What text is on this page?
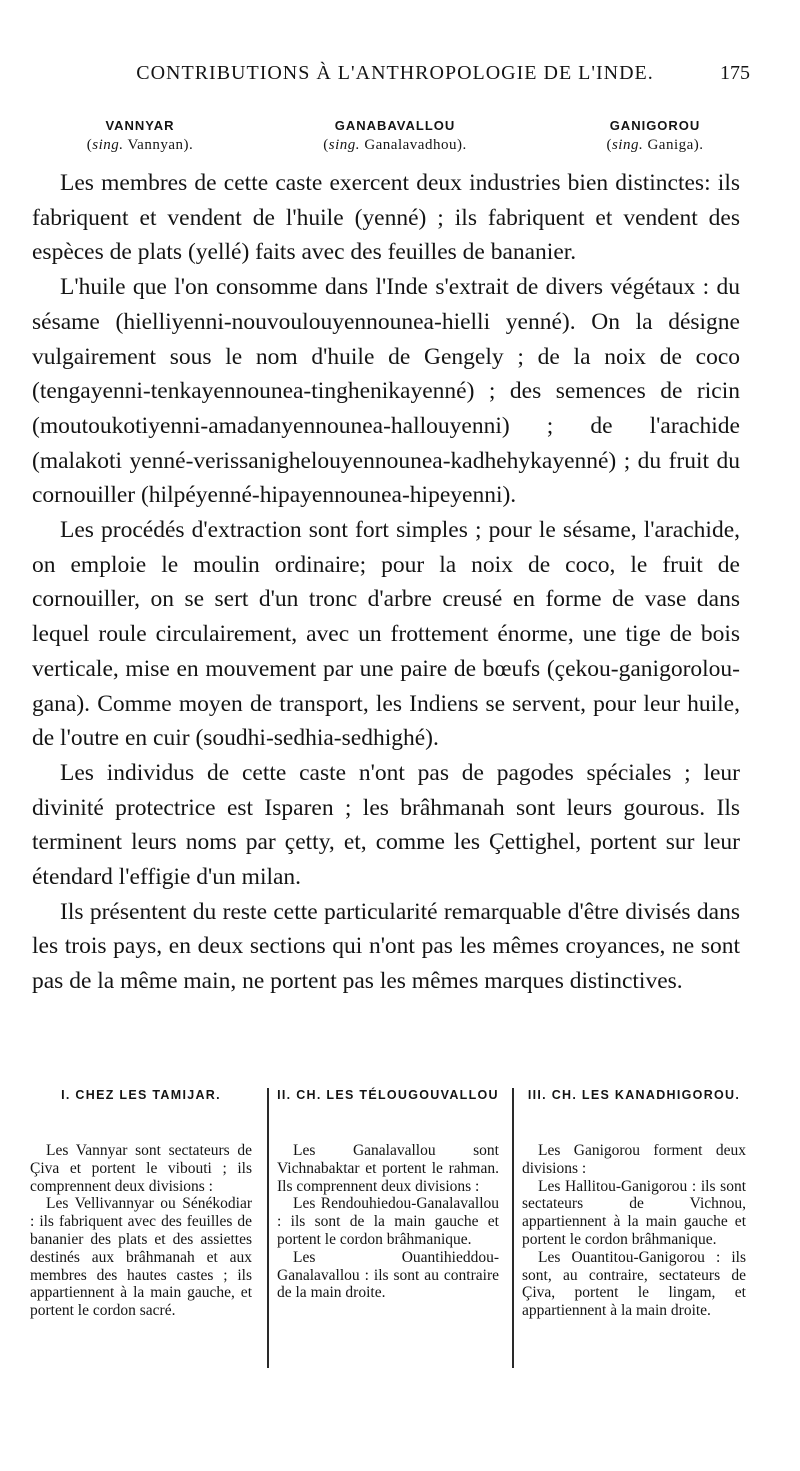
CONTRIBUTIONS À L'ANTHROPOLOGIE DE L'INDE.	175
VANNYAR
(sing. Vannyan).
GANABAVALLOU
(sing. Ganalavadhou).
GANIGOROU
(sing. Ganiga).

Les membres de cette caste exercent deux industries bien distinctes: ils fabriquent et vendent de l'huile (yenné) ; ils fabriquent et vendent des espèces de plats (yellé) faits avec des feuilles de bananier.

L'huile que l'on consomme dans l'Inde s'extrait de divers végétaux : du sésame (hielliyenni-nouvoulouyennounea-hielli yenné). On la désigne vulgairement sous le nom d'huile de Gengely ; de la noix de coco (tengayenni-tenkayennounea-tinghenikayenné) ; des semences de ricin (moutoukotiyenni-amadanyennounea-hallouyenni) ; de l'arachide (malakoti yenné-verissanighelouyennounea-kadhehykayenné) ; du fruit du cornouiller (hilpéyenné-hipayennounea-hipeyenni).

Les procédés d'extraction sont fort simples ; pour le sésame, l'arachide, on emploie le moulin ordinaire; pour la noix de coco, le fruit de cornouiller, on se sert d'un tronc d'arbre creusé en forme de vase dans lequel roule circulairement, avec un frottement énorme, une tige de bois verticale, mise en mouvement par une paire de bœufs (çekou-ganigorolou-gana). Comme moyen de transport, les Indiens se servent, pour leur huile, de l'outre en cuir (soudhi-sedhia-sedhighé).

Les individus de cette caste n'ont pas de pagodes spéciales ; leur divinité protectrice est Isparen ; les brâhmanah sont leurs gourous. Ils terminent leurs noms par çetty, et, comme les Çettighel, portent sur leur étendard l'effigie d'un milan.

Ils présentent du reste cette particularité remarquable d'être divisés dans les trois pays, en deux sections qui n'ont pas les mêmes croyances, ne sont pas de la même main, ne portent pas les mêmes marques distinctives.

I. CHEZ LES TAMIJAR.

Les Vannyar sont sectateurs de Çiva et portent le vibouti ; ils comprennent deux divisions :

Les Vellivannyar ou Sénékodiar : ils fabriquent avec des feuilles de bananier des plats et des assiettes destinés aux brâhmanah et aux membres des hautes castes ; ils appartiennent à la main gauche, et portent le cordon sacré.

II. CH. LES TÉLOUGOUVALLOU

Les Ganalavallou sont Vichnabaktar et portent le rahman. Ils comprennent deux divisions :

Les Rendouhiedou-Ganalavallou : ils sont de la main gauche et portent le cordon brâhmanique.

Les Ouantihieddou-Ganalavallou : ils sont au contraire de la main droite.

III. CH. LES KANADHIGOROU.

Les Ganigorou forment deux divisions :

Les Hallitou-Ganigorou : ils sont sectateurs de Vichnou, appartiennent à la main gauche et portent le cordon brâhmanique.

Les Ouantitou-Ganigorou : ils sont, au contraire, sectateurs de Çiva, portent le lingam, et appartiennent à la main droite.
